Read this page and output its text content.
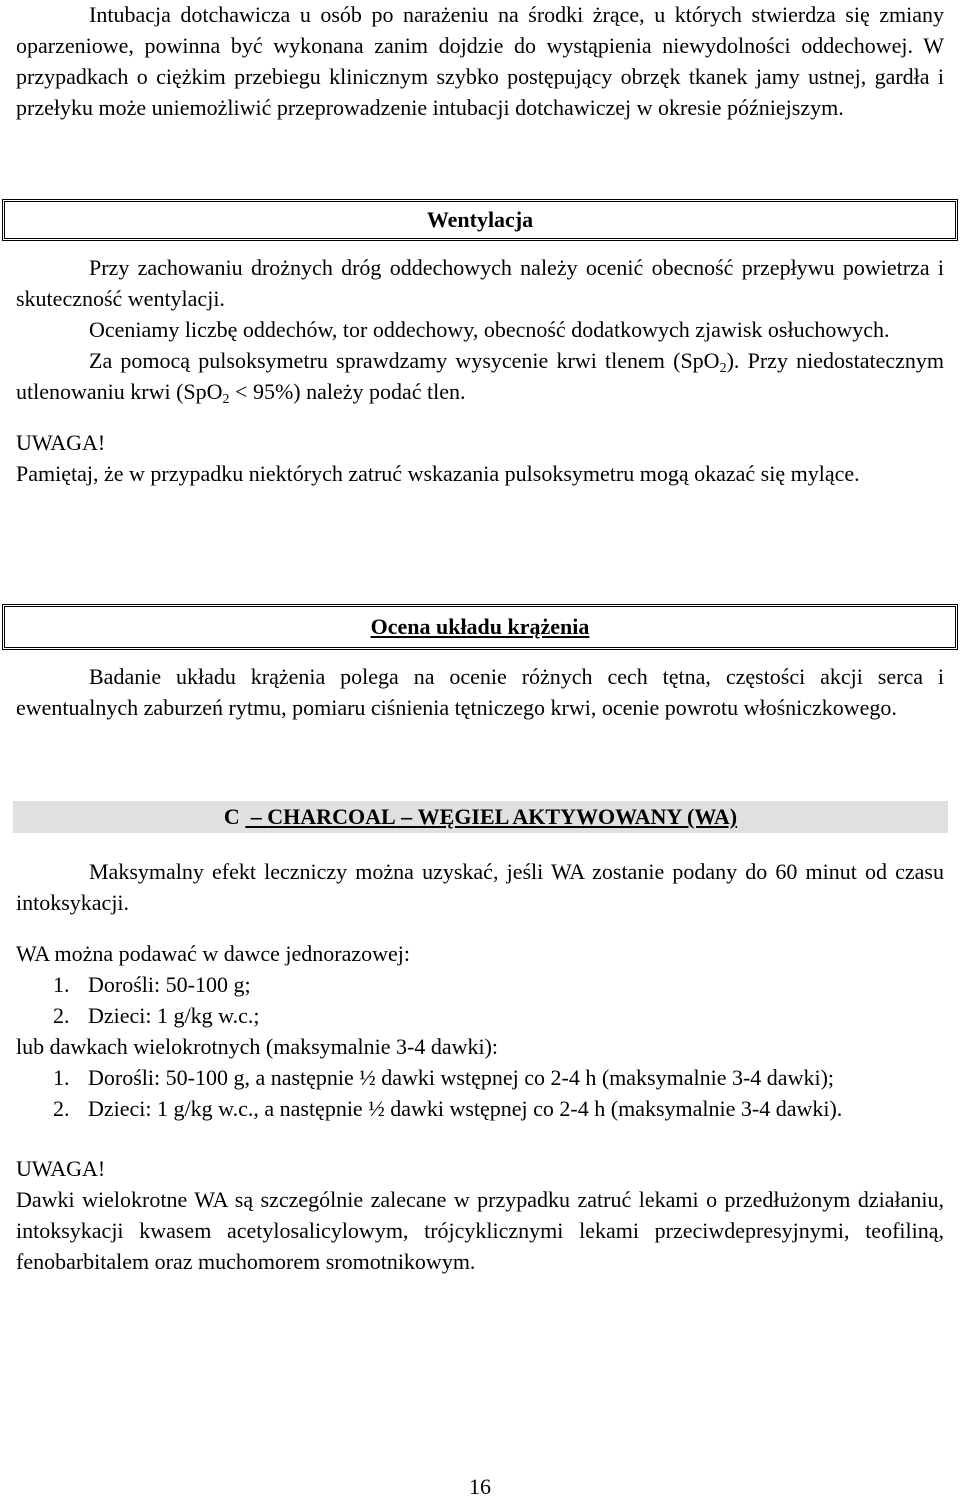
Intubacja dotchawicza u osób po narażeniu na środki żrące, u których stwierdza się zmiany oparzeniowe, powinna być wykonana zanim dojdzie do wystąpienia niewydolności oddechowej. W przypadkach o ciężkim przebiegu klinicznym szybko postępujący obrzęk tkanek jamy ustnej, gardła i przełyku może uniemożliwić przeprowadzenie intubacji dotchawiczej w okresie późniejszym.

Wentylacja

Przy zachowaniu drożnych dróg oddechowych należy ocenić obecność przepływu powietrza i skuteczność wentylacji.

Oceniamy liczbę oddechów, tor oddechowy, obecność dodatkowych zjawisk osłuchowych.

Za pomocą pulsoksymetru sprawdzamy wysycenie krwi tlenem (SpO$_2$). Przy niedostatecznym utlenowaniu krwi (SpO$_2$ < 95%) należy podać tlen.

UWAGA!

Pamiętaj, że w przypadku niektórych zatruć wskazania pulsoksymetru mogą okazać się mylące.

Ocena układu krążenia

Badanie układu krążenia polega na ocenie różnych cech tętna, częstości akcji serca i ewentualnych zaburzeń rytmu, pomiaru ciśnienia tętniczego krwi, ocenie powrotu włośniczkowego.

C  – CHARCOAL – WĘGIEL AKTYWOWANY (WA)

Maksymalny efekt leczniczy można uzyskać, jeśli WA zostanie podany do 60 minut od czasu intoksykacji.

WA można podawać w dawce jednorazowej:

1. Dorośli: 50-100 g;
2. Dzieci: 1 g/kg w.c.;

lub dawkach wielokrotnych (maksymalnie 3-4 dawki):

1. Dorośli: 50-100 g, a następnie ½ dawki wstępnej co 2-4 h (maksymalnie 3-4 dawki);
2. Dzieci: 1 g/kg w.c., a następnie ½ dawki wstępnej co 2-4 h (maksymalnie 3-4 dawki).

UWAGA!

Dawki wielokrotne WA są szczególnie zalecane w przypadku zatruć lekami o przedłużonym działaniu, intoksykacji kwasem acetylosalicylowym, trójcyklicznymi lekami przeciwdepresyjnymi, teofiliną, fenobarbitalem oraz muchomorem sromotnikowym.

16
